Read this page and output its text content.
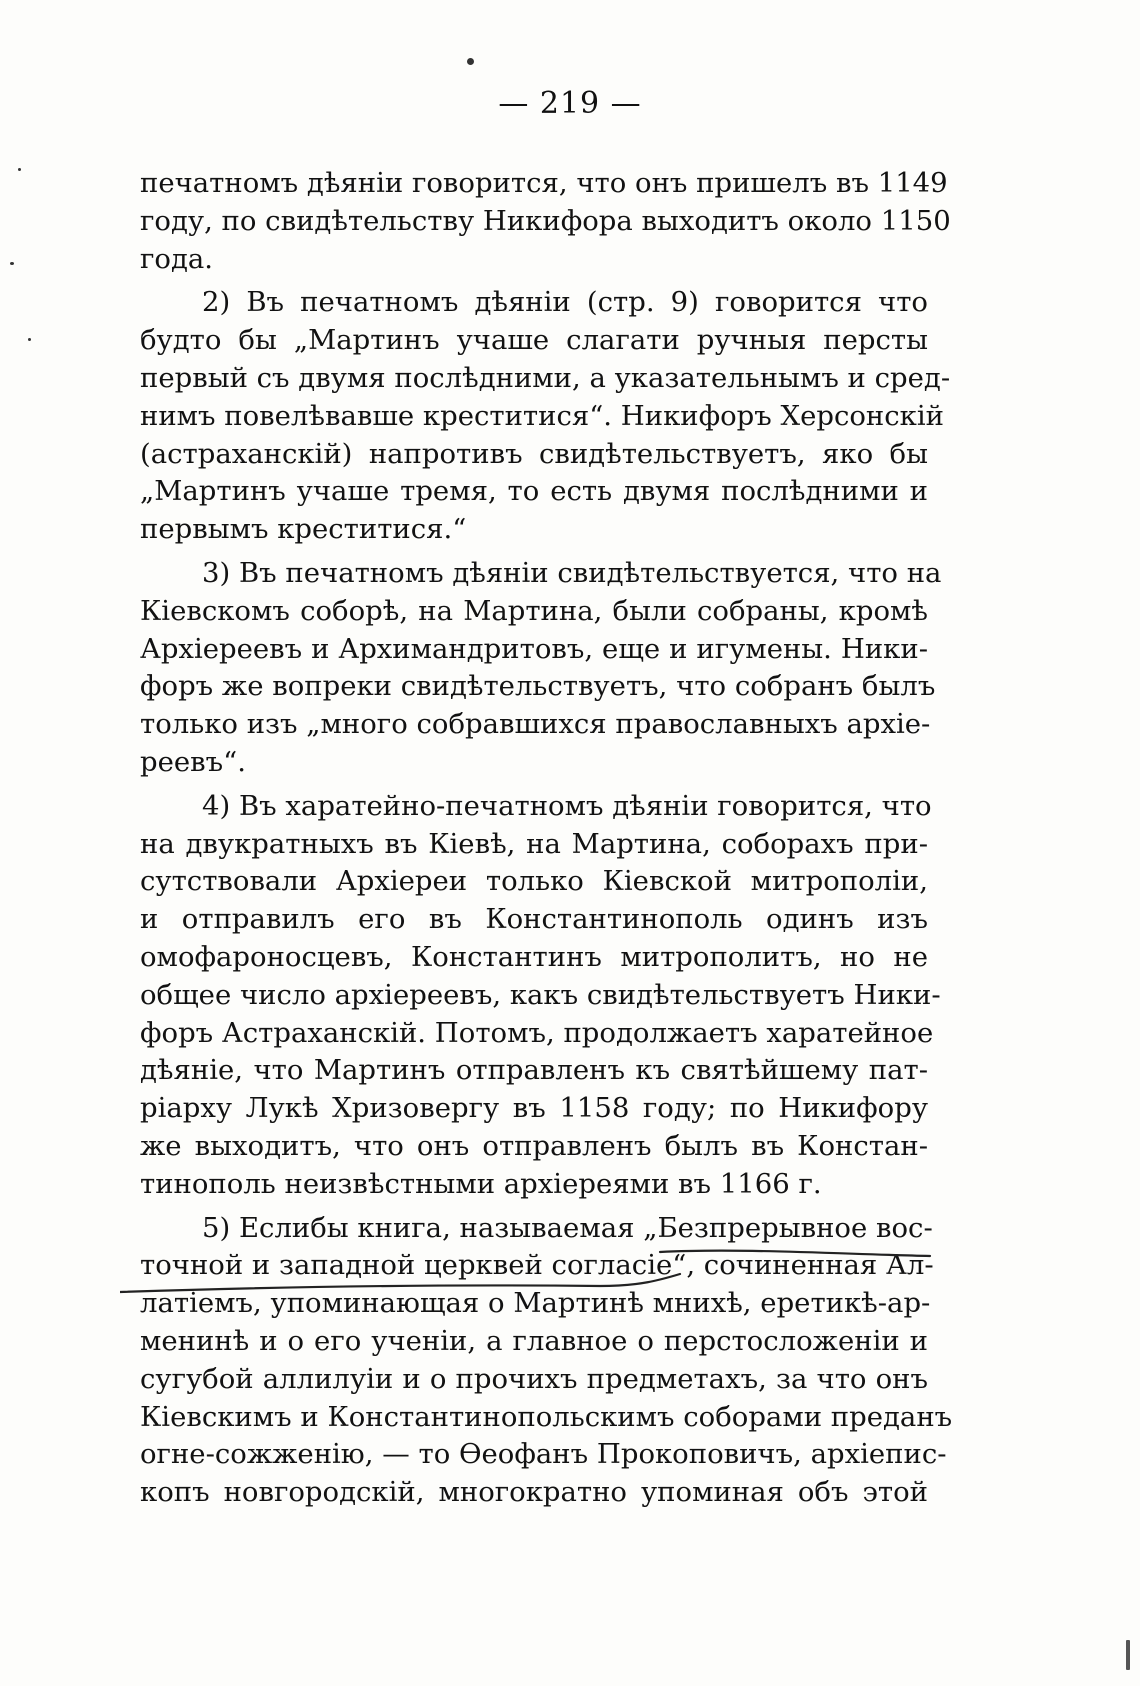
— 219 —
печатномъ дѣяніи говорится, что онъ пришелъ въ 1149
году, по свидѣтельству Никифора выходитъ около 1150
года.
2) Въ печатномъ дѣяніи (стр. 9) говорится что
будто бы „Мартинъ учаше слагати ручныя персты
первый съ двумя послѣдними, а указательнымъ и сред-
нимъ повелѣвавше креститися“. Никифоръ Херсонскій
(астраханскій) напротивъ свидѣтельствуетъ, яко бы
„Мартинъ учаше тремя, то есть двумя послѣдними и
первымъ креститися.“
3) Въ печатномъ дѣяніи свидѣтельствуется, что на
Кіевскомъ соборѣ, на Мартина, были собраны, кромѣ
Архіереевъ и Архимандритовъ, еще и игумены. Ники-
форъ же вопреки свидѣтельствуетъ, что собранъ былъ
только изъ „много собравшихся православныхъ архіе-
реевъ“.
4) Въ харатейно-печатномъ дѣяніи говорится, что
на двукратныхъ въ Кіевѣ, на Мартина, соборахъ при-
сутствовали Архіереи только Кіевской митрополіи,
и отправилъ его въ Константинополь одинъ изъ
омофароносцевъ, Константинъ митрополитъ, но не
общее число архіереевъ, какъ свидѣтельствуетъ Ники-
форъ Астраханскій. Потомъ, продолжаетъ харатейное
дѣяніе, что Мартинъ отправленъ къ святѣйшему пат-
ріарху Лукѣ Хризовергу въ 1158 году; по Никифору
же выходитъ, что онъ отправленъ былъ въ Констан-
тинополь неизвѣстными архіереями въ 1166 г.
5) Еслибы книга, называемая „Безпрерывное вос-
точной и западной церквей согласіе“, сочиненная Ал-
латіемъ, упоминающая о Мартинѣ мнихѣ, еретикѣ-ар-
менинѣ и о его ученіи, а главное о перстосложеніи и
сугубой аллилуіи и о прочихъ предметахъ, за что онъ
Кіевскимъ и Константинопольскимъ соборами преданъ
огне-сожженію, — то Ѳеофанъ Прокоповичъ, архіепис-
копъ новгородскій, многократно упоминая объ этой
